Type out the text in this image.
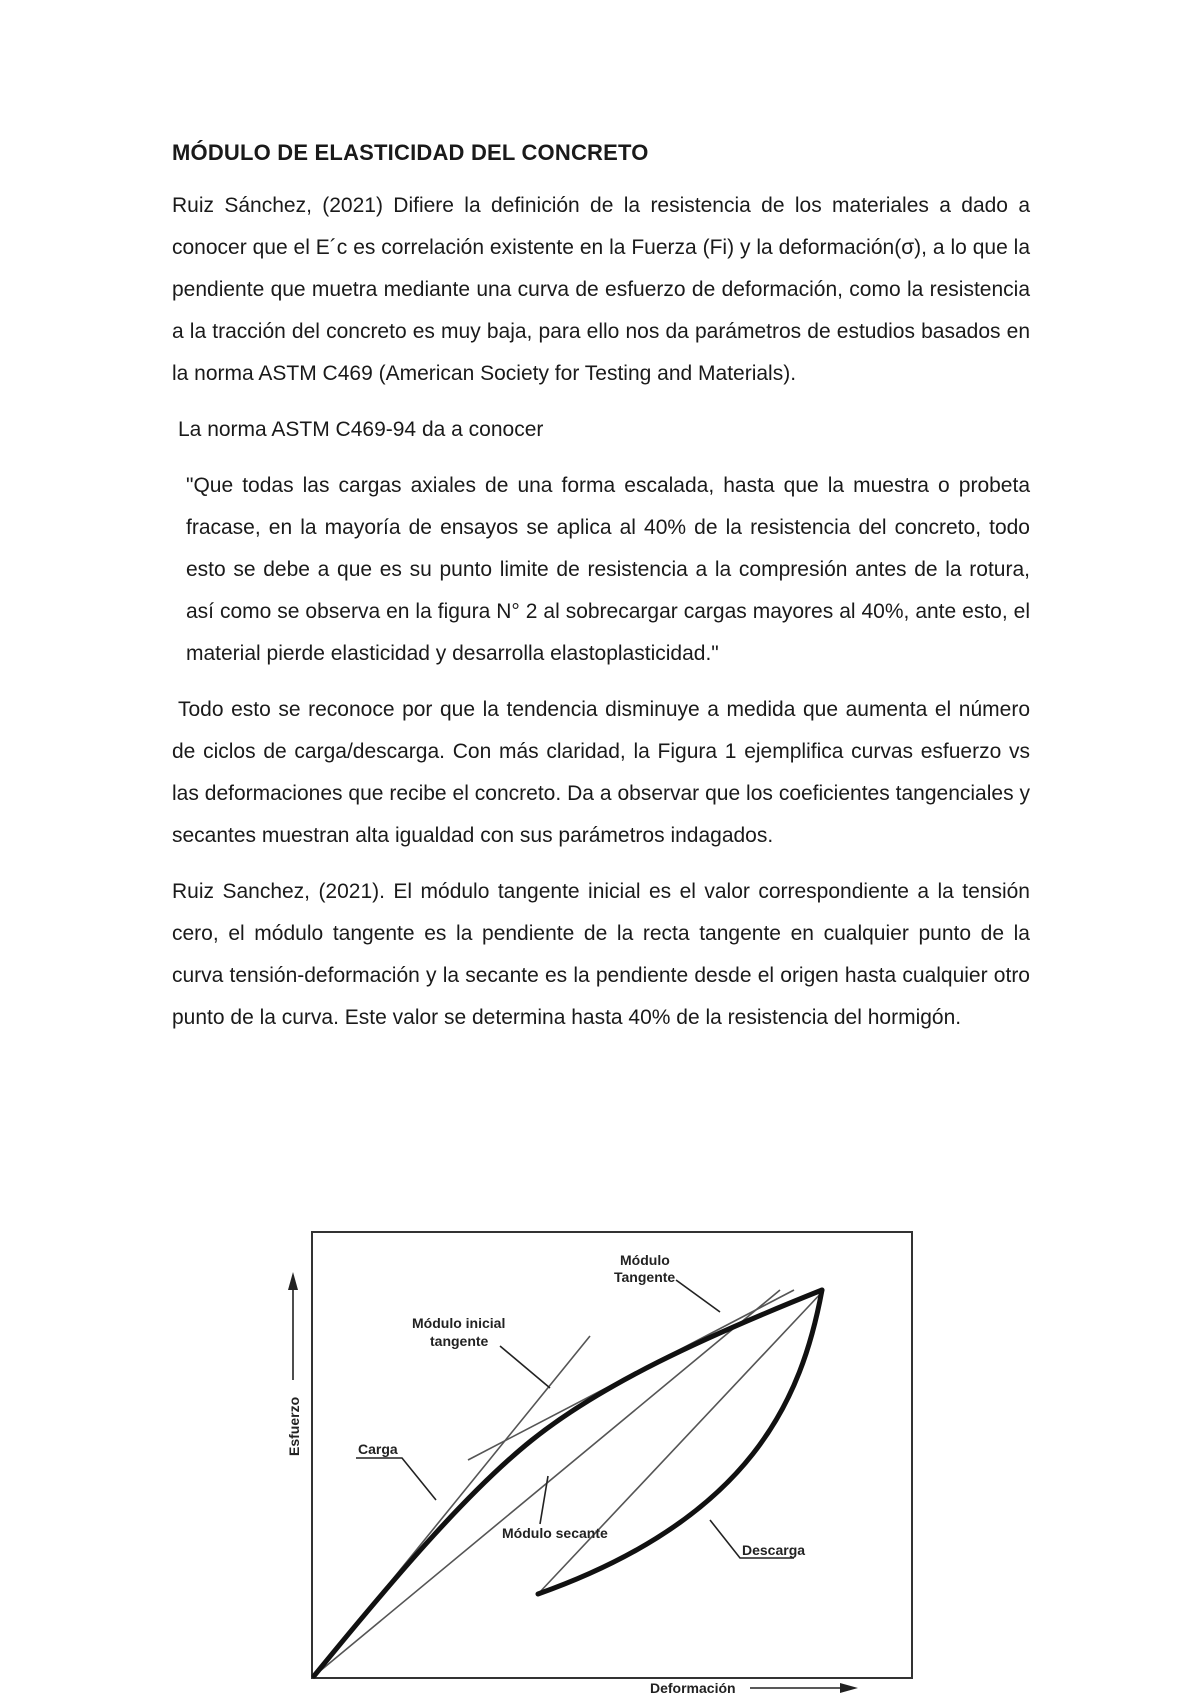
MÓDULO DE ELASTICIDAD DEL CONCRETO

Ruiz Sánchez, (2021) Difiere la definición de la resistencia de los materiales a dado a conocer que el E´c es correlación existente en la Fuerza (Fi) y la deformación(σ), a lo que la pendiente que muetra mediante una curva de esfuerzo de deformación, como la resistencia a la tracción del concreto es muy baja, para ello nos da parámetros de estudios basados en la norma ASTM C469 (American Society for Testing and Materials).

La norma ASTM C469-94 da a conocer

"Que todas las cargas axiales de una forma escalada, hasta que la muestra o probeta fracase, en la mayoría de ensayos se aplica al 40% de la resistencia del concreto, todo esto se debe a que es su punto limite de resistencia a la compresión antes de la rotura, así como se observa en la figura N° 2 al sobrecargar cargas mayores al 40%, ante esto, el material pierde elasticidad y desarrolla elastoplasticidad."

Todo esto se reconoce por que la tendencia disminuye a medida que aumenta el número de ciclos de carga/descarga. Con más claridad, la Figura 1 ejemplifica curvas esfuerzo vs las deformaciones que recibe el concreto. Da a observar que los coeficientes tangenciales y secantes muestran alta igualdad con sus parámetros indagados.

Ruiz Sanchez, (2021). El módulo tangente inicial es el valor correspondiente a la tensión cero, el módulo tangente es la pendiente de la recta tangente en cualquier punto de la curva tensión-deformación y la secante es la pendiente desde el origen hasta cualquier otro punto de la curva. Este valor se determina hasta 40% de la resistencia del hormigón.

Esfuerzo
Deformación
Módulo
Tangente
Módulo inicial
tangente
Carga
Módulo secante
Descarga
